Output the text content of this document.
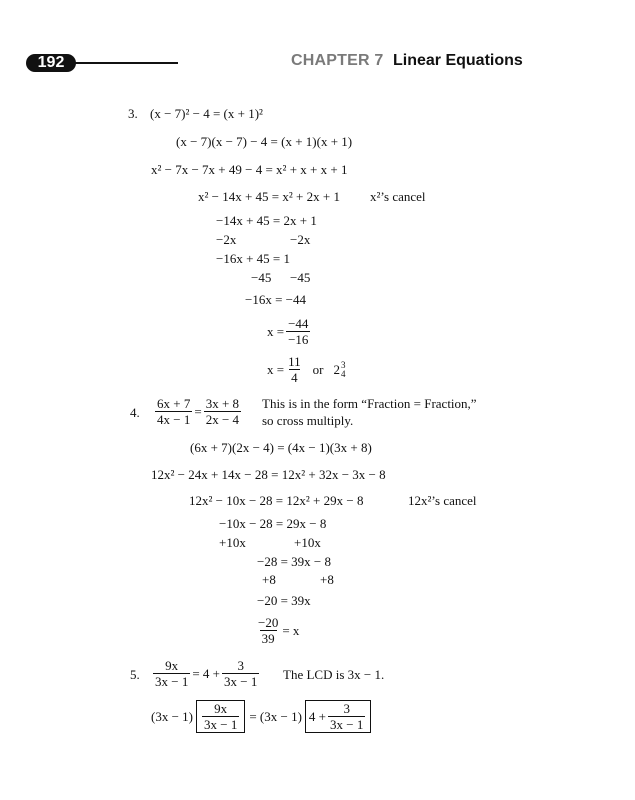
192	CHAPTER 7 Linear Equations
3. (x − 7)² − 4 = (x + 1)²
(x − 7)(x − 7) − 4 = (x + 1)(x + 1)
x² − 7x − 7x + 49 − 4 = x² + x + x + 1
x² − 14x + 45 = x² + 2x + 1 x²’s cancel
−14x + 45 = 2x + 1
−2x	−2x
−16x + 45 = 1
−45 −45
−16x = −44
$x = \frac{-44}{-16}$
$x = \frac{11}{4}$ or 2 3
4
4. $\frac{6x + 7}{4x - 1} = \frac{3x + 8}{2x - 4}$ This is in the form “Fraction = Fraction,”
so cross multiply.
(6x + 7)(2x − 4) = (4x − 1)(3x + 8)
12x² − 24x + 14x − 28 = 12x² + 32x − 3x − 8
12x² − 10x − 28 = 12x² + 29x − 8	12x²’s cancel
−10x − 28 = 29x − 8
+10x	+10x
−28 = 39x − 8
+8	+8
−20 = 39x
$\frac{-20}{39} = x$
5. $\frac{9x}{3x - 1} = 4 + \frac{3}{3x - 1}$ The LCD is 3x − 1.
$(3x - 1) \frac{9x}{3x - 1} = (3x - 1) 4 + \frac{3}{3x - 1}$
